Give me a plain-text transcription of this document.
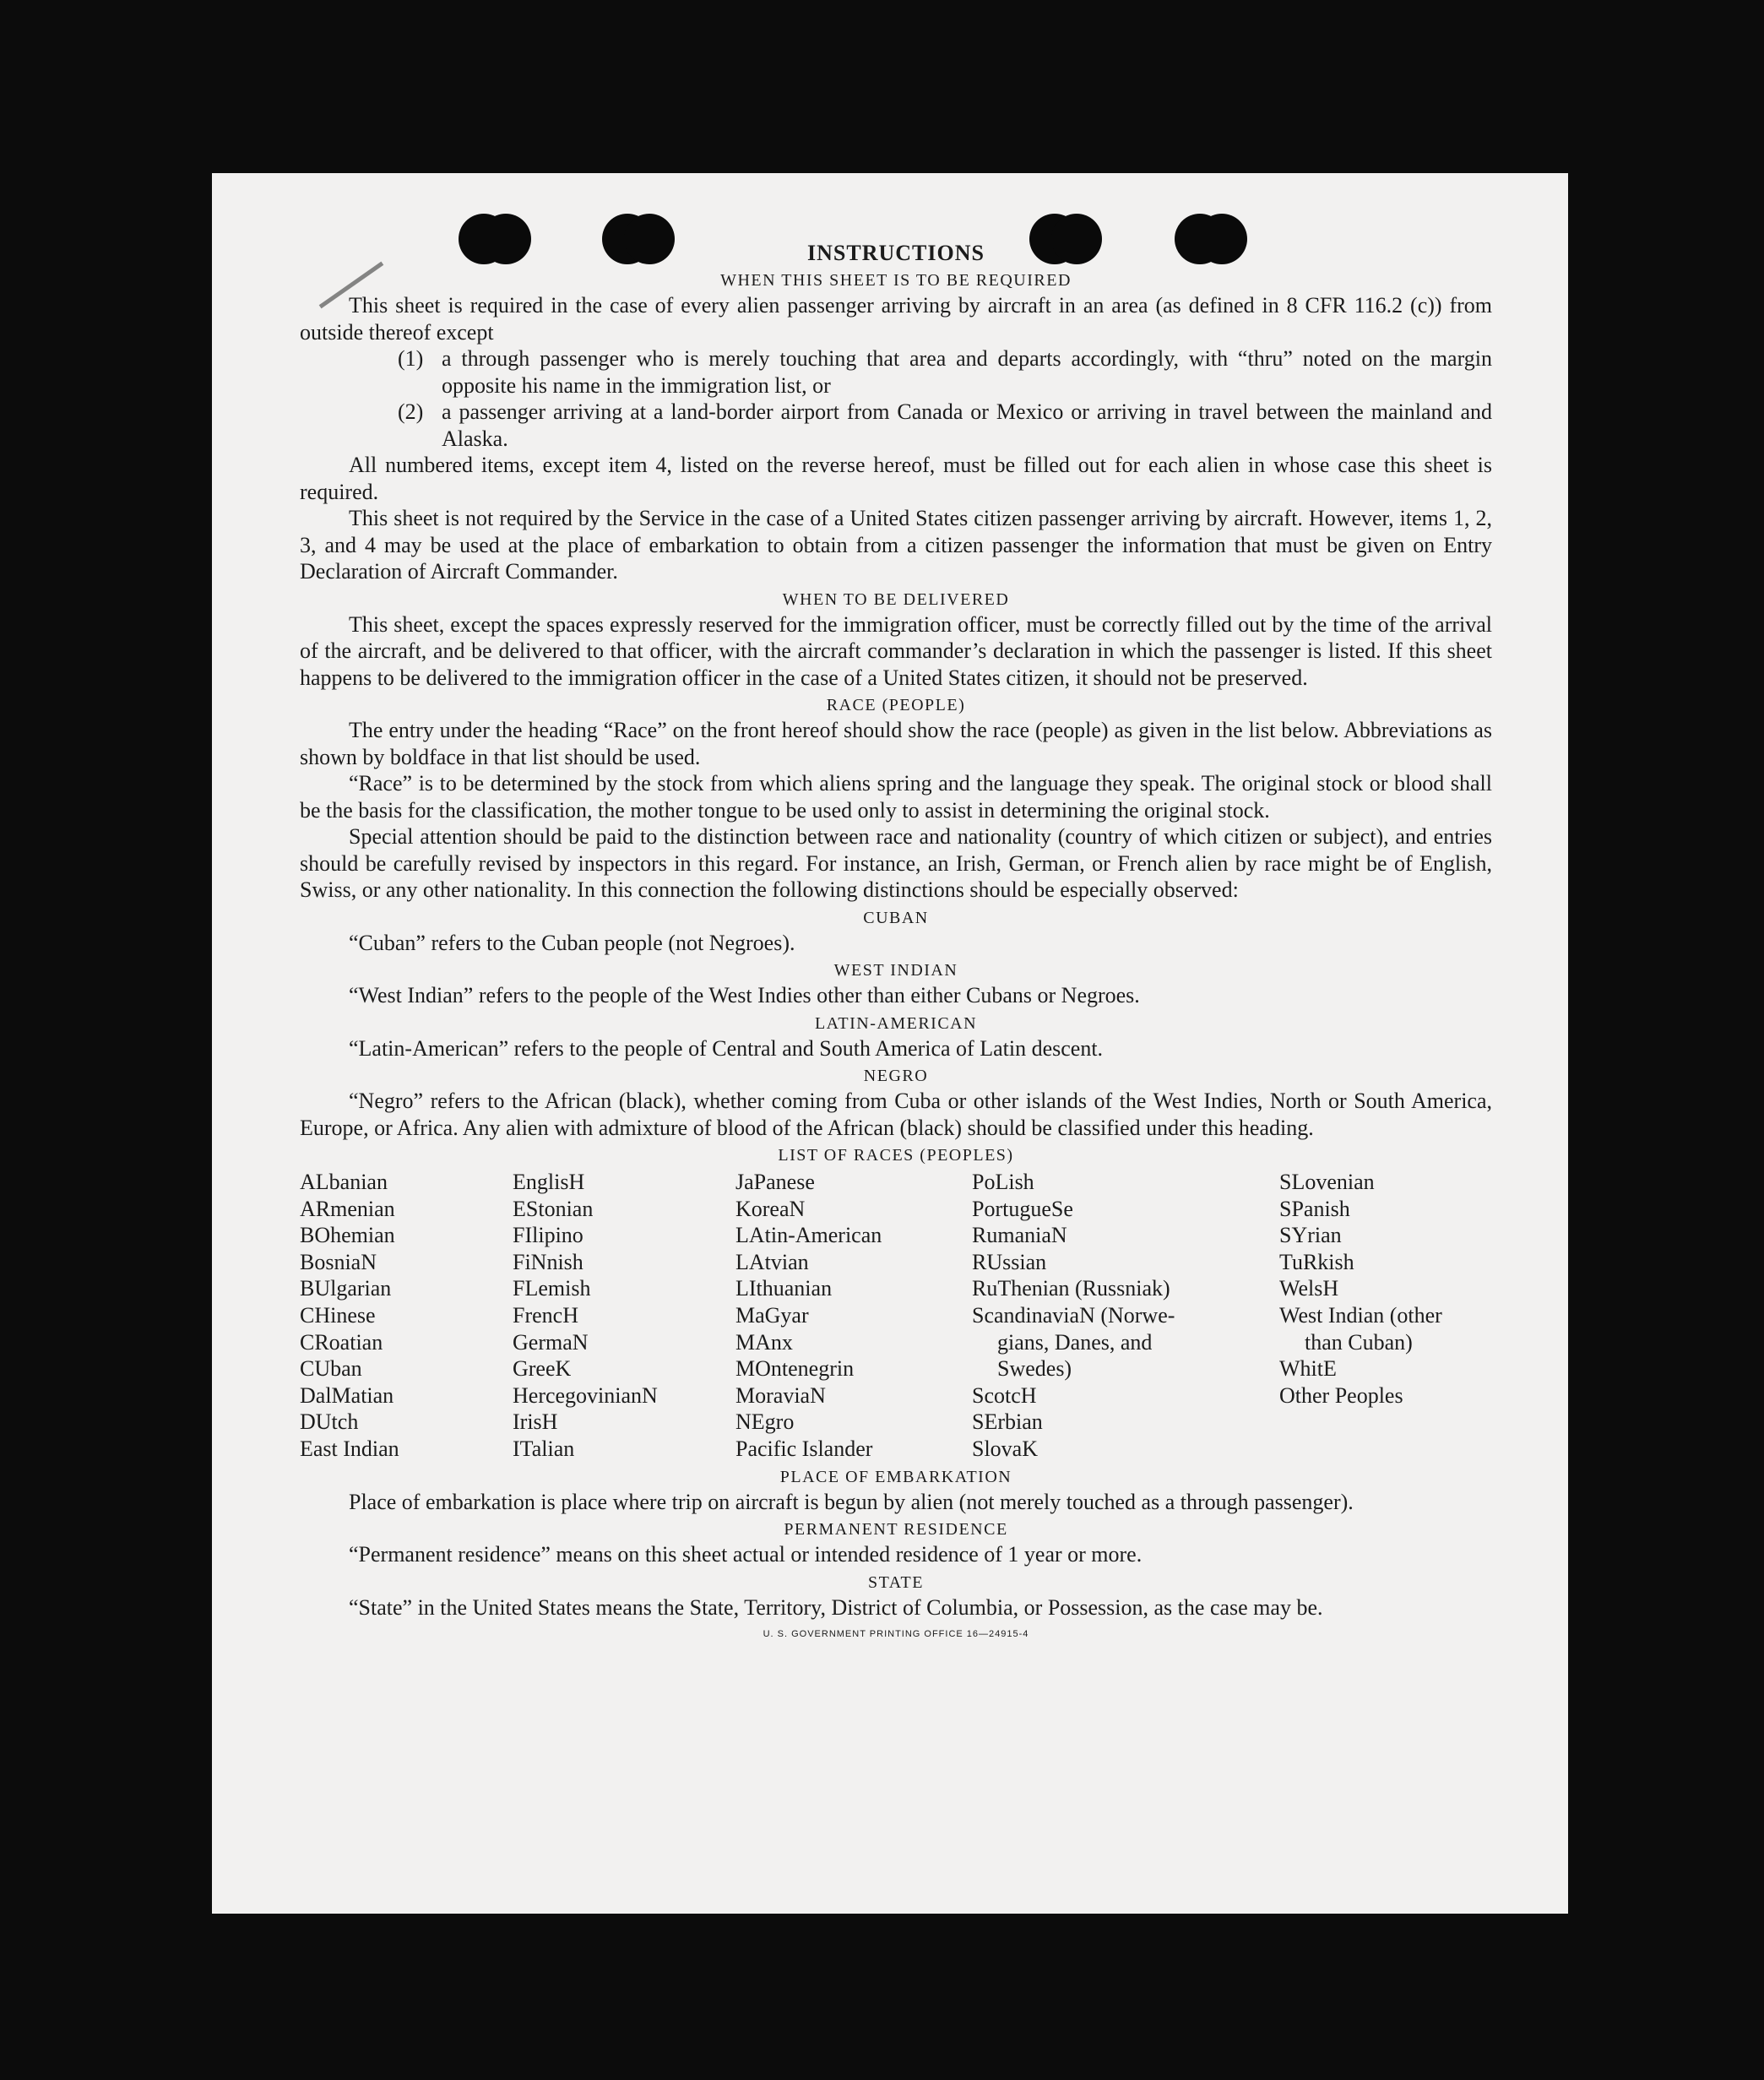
INSTRUCTIONS
WHEN THIS SHEET IS TO BE REQUIRED

This sheet is required in the case of every alien passenger arriving by aircraft in an area (as defined in 8 CFR 116.2 (c)) from outside thereof except

(1) a through passenger who is merely touching that area and departs accordingly, with “thru” noted on the margin opposite his name in the immigration list, or
(2) a passenger arriving at a land-border airport from Canada or Mexico or arriving in travel between the mainland and Alaska.

All numbered items, except item 4, listed on the reverse hereof, must be filled out for each alien in whose case this sheet is required.

This sheet is not required by the Service in the case of a United States citizen passenger arriving by aircraft. However, items 1, 2, 3, and 4 may be used at the place of embarkation to obtain from a citizen passenger the information that must be given on Entry Declaration of Aircraft Commander.

WHEN TO BE DELIVERED

This sheet, except the spaces expressly reserved for the immigration officer, must be correctly filled out by the time of the arrival of the aircraft, and be delivered to that officer, with the aircraft commander’s declaration in which the passenger is listed. If this sheet happens to be delivered to the immigration officer in the case of a United States citizen, it should not be preserved.

RACE (PEOPLE)

The entry under the heading “Race” on the front hereof should show the race (people) as given in the list below. Abbreviations as shown by boldface in that list should be used.

“Race” is to be determined by the stock from which aliens spring and the language they speak. The original stock or blood shall be the basis for the classification, the mother tongue to be used only to assist in determining the original stock.

Special attention should be paid to the distinction between race and nationality (country of which citizen or subject), and entries should be carefully revised by inspectors in this regard. For instance, an Irish, German, or French alien by race might be of English, Swiss, or any other nationality. In this connection the following distinctions should be especially observed:

CUBAN

“Cuban” refers to the Cuban people (not Negroes).

WEST INDIAN

“West Indian” refers to the people of the West Indies other than either Cubans or Negroes.

LATIN-AMERICAN

“Latin-American” refers to the people of Central and South America of Latin descent.

NEGRO

“Negro” refers to the African (black), whether coming from Cuba or other islands of the West Indies, North or South America, Europe, or Africa. Any alien with admixture of blood of the African (black) should be classified under this heading.

LIST OF RACES (PEOPLES)
ALbanian
ARmenian
BOhemian
BosniaN
BUlgarian
CHinese
CRoatian
CUban
DalMatian
DUtch
East Indian
EnglisH
EStonian
FIlipino
FiNnish
FLemish
FrencH
GermaN
GreeK
HercegovinianN
IrisH
ITalian
JaPanese
KoreaN
LAtin-American
LAtvian
LIthuanian
MaGyar
MAnx
MOntenegrin
MoraviaN
NEgro
Pacific Islander
PoLish
PortugueSe
RumaniaN
RUssian
RuThenian (Russniak)
ScandinaviaN (Norwe-
gians, Danes, and
Swedes)
ScotcH
SErbian
SlovaK
SLovenian
SPanish
SYrian
TuRkish
WelsH
West Indian (other
than Cuban)
WhitE
Other Peoples
PLACE OF EMBARKATION

Place of embarkation is place where trip on aircraft is begun by alien (not merely touched as a through passenger).

PERMANENT RESIDENCE

“Permanent residence” means on this sheet actual or intended residence of 1 year or more.

STATE

“State” in the United States means the State, Territory, District of Columbia, or Possession, as the case may be.

U. S. GOVERNMENT PRINTING OFFICE 16—24915-4
